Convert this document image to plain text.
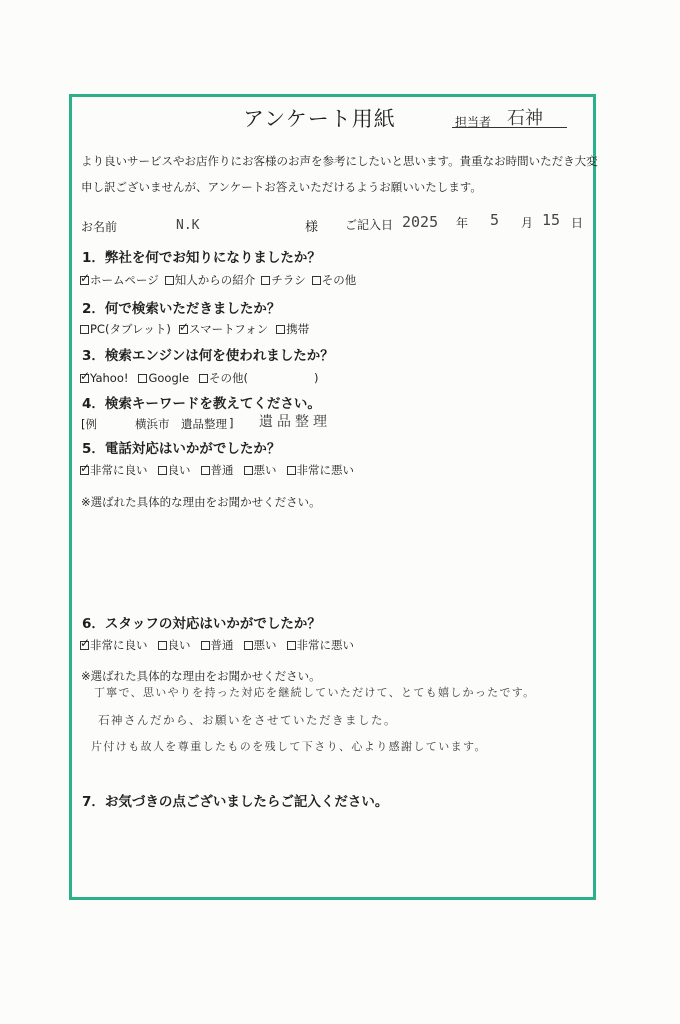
アンケート用紙	担当者 石神
より良いサービスやお店作りにお客様のお声を参考にしたいと思います。貴重なお時間いただき大変
申し訳ございませんが、アンケートお答えいただけるようお願いいたします。
お名前	N.K	様 ご記入日 2025 年 5 月 15 日
1．弊社を何でお知りになりましたか？
✓ ホームページ 知人からの紹介 チラシ その他
2．何で検索いただきましたか？
PC(タブレット) ✓ スマートフォン 携帯
3．検索エンジンは何を使われましたか？
✓ Yahoo! Google その他(	)
4．検索キーワードを教えてください。
[例	横浜市　遺品整理 ] 遺品整理
5．電話対応はいかがでしたか？
✓ 非常に良い 良い 普通 悪い 非常に悪い
※選ばれた具体的な理由をお聞かせください。
6．スタッフの対応はいかがでしたか？
✓ 非常に良い 良い 普通 悪い 非常に悪い
※選ばれた具体的な理由をお聞かせください。
丁寧で、思いやりを持った対応を継続していただけて、とても嬉しかったです。
石神さんだから、お願いをさせていただきました。
片付けも故人を尊重したものを残して下さり、心より感謝しています。
7．お気づきの点ございましたらご記入ください。
